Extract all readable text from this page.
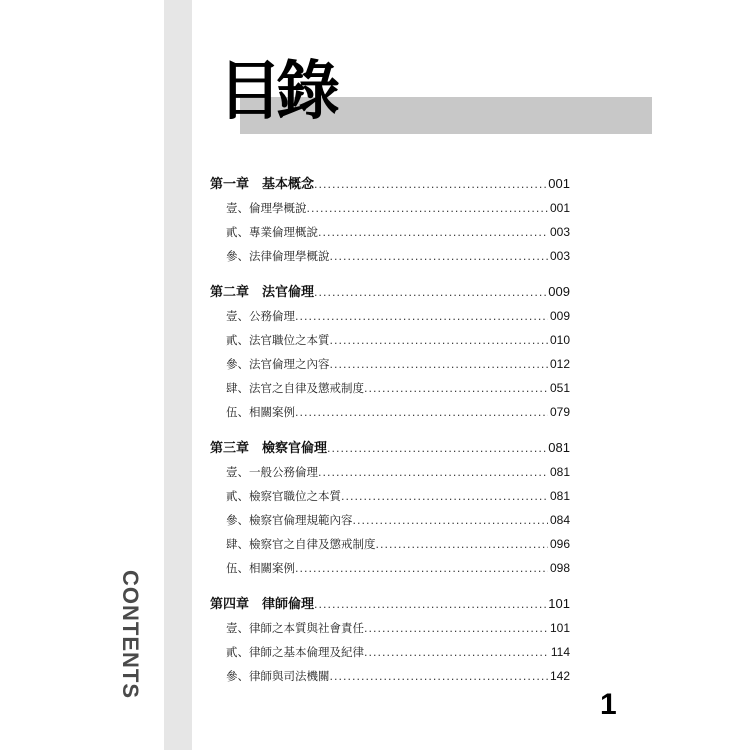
CONTENTS
目錄
第一章　基本概念 .....	001
壹、倫理學概說 .....	001
貳、專業倫理概說 .....	003
參、法律倫理學概說 .....	003
第二章　法官倫理 .....	009
壹、公務倫理 .....	009
貳、法官職位之本質 .....	010
參、法官倫理之內容 .....	012
肆、法官之自律及懲戒制度 .....	051
伍、相關案例 .....	079
第三章　檢察官倫理 .....	081
壹、一般公務倫理 .....	081
貳、檢察官職位之本質 .....	081
參、檢察官倫理規範內容 .....	084
肆、檢察官之自律及懲戒制度 .....	096
伍、相關案例 .....	098
第四章　律師倫理 .....	101
壹、律師之本質與社會責任 .....	101
貳、律師之基本倫理及紀律 .....	114
參、律師與司法機關 .....	142
1
